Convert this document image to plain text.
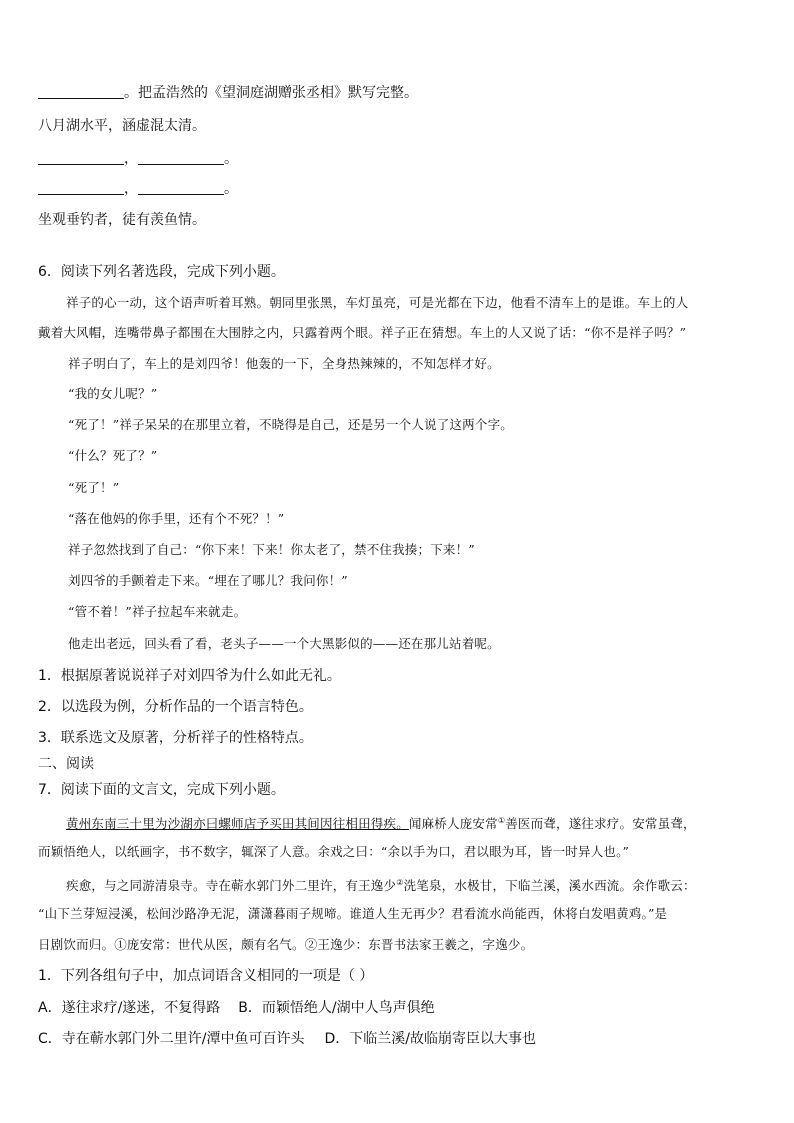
。把孟浩然的《望洞庭湖赠张丞相》默写完整。
八月湖水平，涵虚混太清。
，	。
，	。
坐观垂钓者，徒有羡鱼情。
6．阅读下列名著选段，完成下列小题。
祥子的心一动，这个语声听着耳熟。朝同里张黑，车灯虽亮，可是光都在下边，他看不清车上的是谁。车上的人
戴着大风帽，连嘴带鼻子都围在大围脖之内，只露着两个眼。祥子正在猜想。车上的人又说了话：“你不是祥子吗？”
祥子明白了，车上的是刘四爷！他轰的一下，全身热辣辣的，不知怎样才好。
“我的女儿呢？”
“死了！”祥子呆呆的在那里立着，不晓得是自己，还是另一个人说了这两个字。
“什么？死了？”
“死了！”
“落在他妈的你手里，还有个不死？！”
祥子忽然找到了自己：“你下来！下来！你太老了，禁不住我揍；下来！”
刘四爷的手颤着走下来。“埋在了哪儿？我问你！”
“管不着！”祥子拉起车来就走。
他走出老远，回头看了看，老头子——一个大黑影似的——还在那儿站着呢。
1．根据原著说说祥子对刘四爷为什么如此无礼。
2．以选段为例，分析作品的一个语言特色。
3．联系选文及原著，分析祥子的性格特点。
二、阅读
7．阅读下面的文言文，完成下列小题。
黄州东南三十里为沙湖亦曰螺师店予买田其间因往相田得疾。闻麻桥人庞安常①善医而聋，遂往求疗。安常虽聋，
而颖悟绝人，以纸画字，书不数字，辄深了人意。余戏之曰：“余以手为口，君以眼为耳，皆一时异人也。”
疾愈，与之同游清泉寺。寺在蕲水郭门外二里许，有王逸少②洗笔泉，水极甘，下临兰溪，溪水西流。余作歌云：
“山下兰芽短浸溪，松间沙路净无泥，潇潇暮雨子规啼。谁道人生无再少？君看流水尚能西，休将白发唱黄鸡。”是
日剧饮而归。①庞安常：世代从医，颇有名气。②王逸少：东晋书法家王羲之，字逸少。
1．下列各组句子中，加点词语含义相同的一项是（ ）
A．遂往求疗/遂迷，不复得路 B．而颖悟绝人/湖中人鸟声俱绝
C．寺在蕲水郭门外二里许/潭中鱼可百许头 D．下临兰溪/故临崩寄臣以大事也
